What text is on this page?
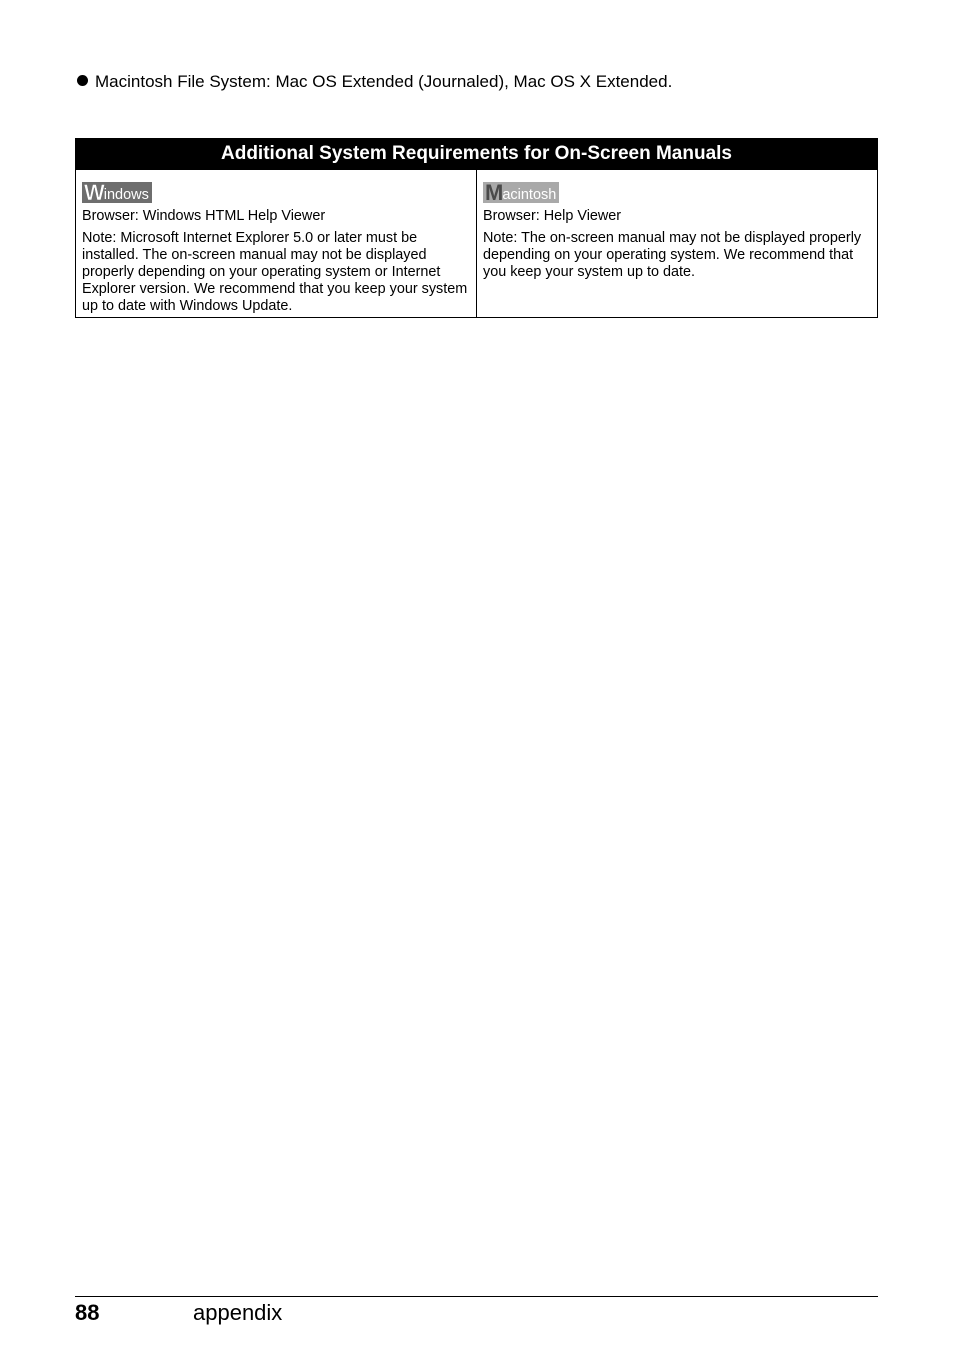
Macintosh File System: Mac OS Extended (Journaled), Mac OS X Extended.
Additional System Requirements for On-Screen Manuals

Windows

Browser: Windows HTML Help Viewer

Note: Microsoft Internet Explorer 5.0 or later must be installed. The on-screen manual may not be displayed properly depending on your operating system or Internet Explorer version. We recommend that you keep your system up to date with Windows Update.

Macintosh

Browser: Help Viewer

Note: The on-screen manual may not be displayed properly depending on your operating system. We recommend that you keep your system up to date.

88	appendix
